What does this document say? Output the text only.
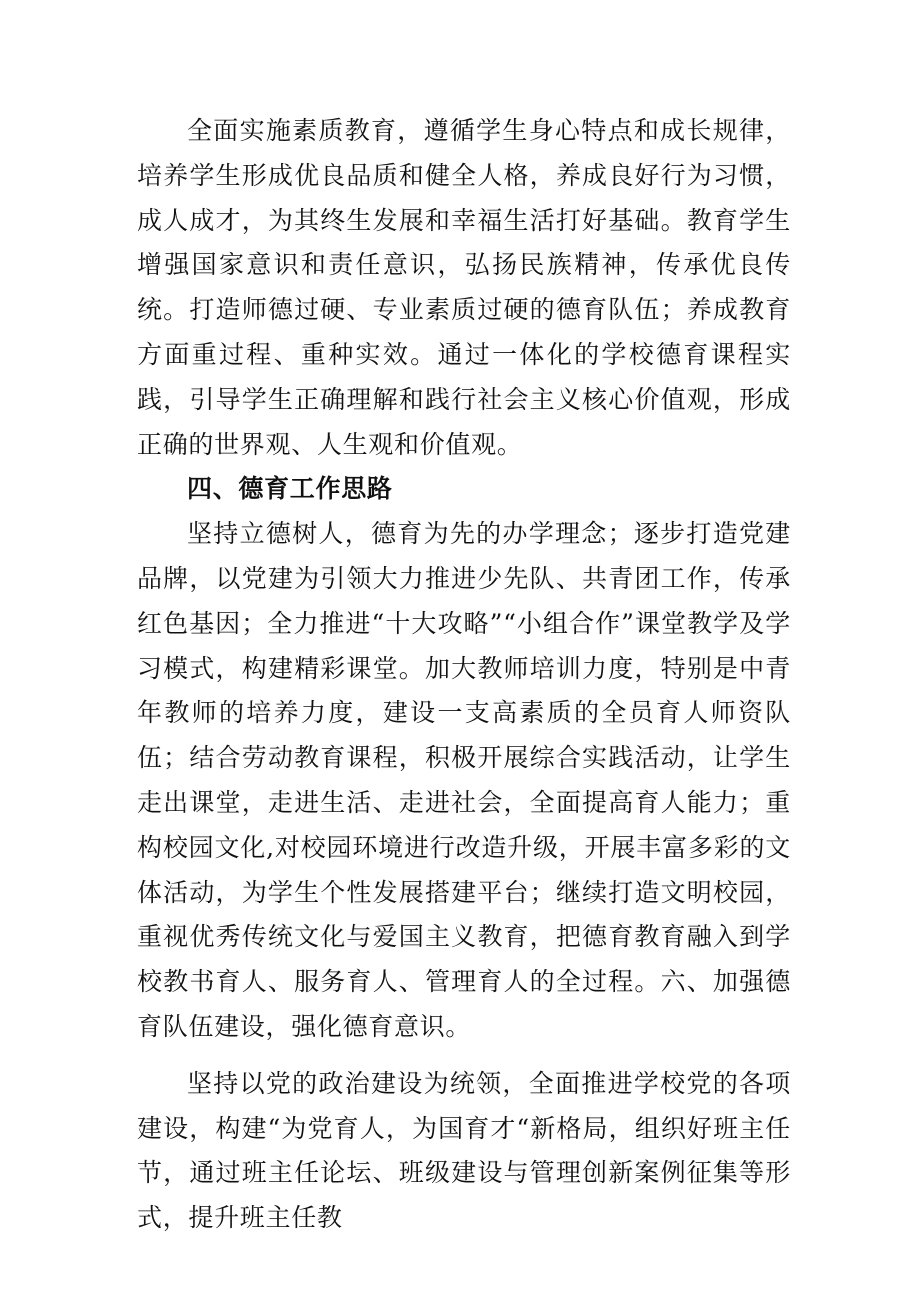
全面实施素质教育，遵循学生身心特点和成长规律，培养学生形成优良品质和健全人格，养成良好行为习惯，成人成才，为其终生发展和幸福生活打好基础。教育学生增强国家意识和责任意识，弘扬民族精神，传承优良传统。打造师德过硬、专业素质过硬的德育队伍；养成教育方面重过程、重种实效。通过一体化的学校德育课程实践，引导学生正确理解和践行社会主义核心价值观，形成正确的世界观、人生观和价值观。

四、德育工作思路

坚持立德树人，德育为先的办学理念；逐步打造党建品牌，以党建为引领大力推进少先队、共青团工作，传承红色基因；全力推进“十大攻略”“小组合作”课堂教学及学习模式，构建精彩课堂。加大教师培训力度，特别是中青年教师的培养力度，建设一支高素质的全员育人师资队伍；结合劳动教育课程，积极开展综合实践活动，让学生走出课堂，走进生活、走进社会，全面提高育人能力；重构校园文化,对校园环境进行改造升级，开展丰富多彩的文体活动，为学生个性发展搭建平台；继续打造文明校园，重视优秀传统文化与爱国主义教育，把德育教育融入到学校教书育人、服务育人、管理育人的全过程。六、加强德育队伍建设，强化德育意识。

坚持以党的政治建设为统领，全面推进学校党的各项建设，构建“为党育人，为国育才“新格局，组织好班主任节，通过班主任论坛、班级建设与管理创新案例征集等形式，提升班主任教
